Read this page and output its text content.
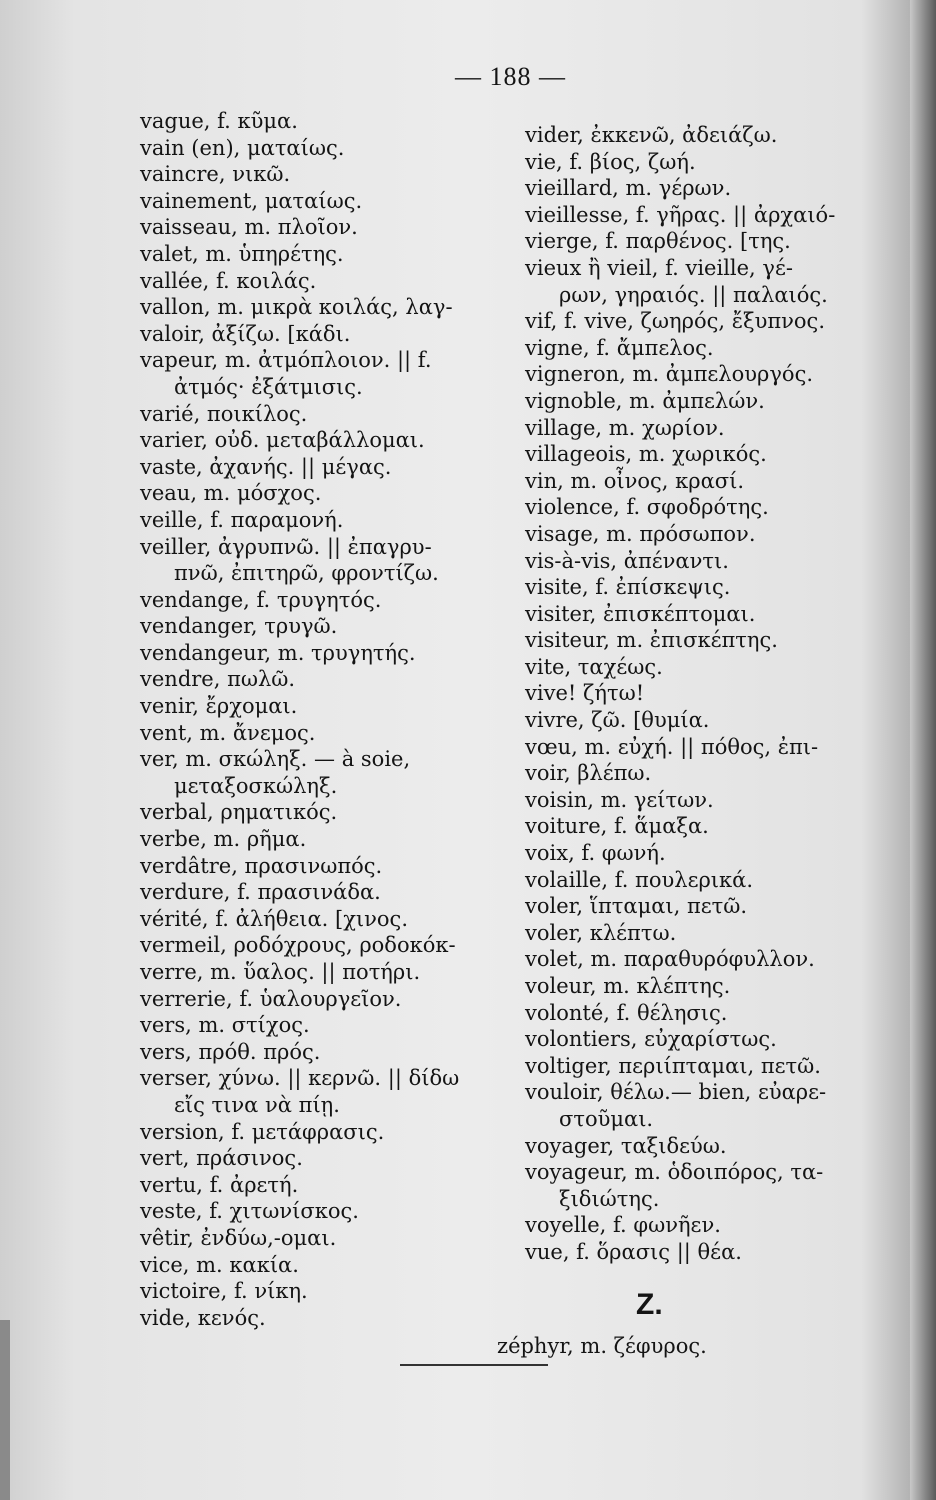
— 188 —
vague, f. κῦμα.
vain (en), ματαίως.
vaincre, νικῶ.
vainement, ματαίως.
vaisseau, m. πλοῖον.
valet, m. ὑπηρέτης.
vallée, f. κοιλάς.
vallon, m. μικρὰ κοιλάς, λαγ-
valoir, ἀξίζω. [κάδι.
vapeur, m. ἀτμόπλοιον. || f.
ἀτμός· ἐξάτμισις.
varié, ποικίλος.
varier, οὐδ. μεταβάλλομαι.
vaste, ἀχανής. || μέγας.
veau, m. μόσχος.
veille, f. παραμονή.
veiller, ἀγρυπνῶ. || ἐπαγρυ-
πνῶ, ἐπιτηρῶ, φροντίζω.
vendange, f. τρυγητός.
vendanger, τρυγῶ.
vendangeur, m. τρυγητής.
vendre, πωλῶ.
venir, ἔρχομαι.
vent, m. ἄνεμος.
ver, m. σκώληξ. — à soie,
μεταξοσκώληξ.
verbal, ρηματικός.
verbe, m. ρῆμα.
verdâtre, πρασινωπός.
verdure, f. πρασινάδα.
vérité, f. ἀλήθεια. [χινος.
vermeil, ροδόχρους, ροδοκόκ-
verre, m. ὕαλος. || ποτήρι.
verrerie, f. ὑαλουργεῖον.
vers, m. στίχος.
vers, πρόθ. πρός.
verser, χύνω. || κερνῶ. || δίδω
εἴς τινα νὰ πίῃ.
version, f. μετάφρασις.
vert, πράσινος.
vertu, f. ἀρετή.
veste, f. χιτωνίσκος.
vêtir, ἐνδύω,-ομαι.
vice, m. κακία.
victoire, f. νίκη.
vide, κενός.
vider, ἐκκενῶ, ἀδειάζω.
vie, f. βίος, ζωή.
vieillard, m. γέρων.
vieillesse, f. γῆρας. || ἀρχαιό-
vierge, f. παρθένος. [της.
vieux ἢ vieil, f. vieille, γέ-
ρων, γηραιός. || παλαιός.
vif, f. vive, ζωηρός, ἔξυπνος.
vigne, f. ἄμπελος.
vigneron, m. ἀμπελουργός.
vignoble, m. ἀμπελών.
village, m. χωρίον.
villageois, m. χωρικός.
vin, m. οἶνος, κρασί.
violence, f. σφοδρότης.
visage, m. πρόσωπον.
vis-à-vis, ἀπέναντι.
visite, f. ἐπίσκεψις.
visiter, ἐπισκέπτομαι.
visiteur, m. ἐπισκέπτης.
vite, ταχέως.
vive! ζήτω!
vivre, ζῶ. [θυμία.
vœu, m. εὐχή. || πόθος, ἐπι-
voir, βλέπω.
voisin, m. γείτων.
voiture, f. ἅμαξα.
voix, f. φωνή.
volaille, f. πουλερικά.
voler, ἵπταμαι, πετῶ.
voler, κλέπτω.
volet, m. παραθυρόφυλλον.
voleur, m. κλέπτης.
volonté, f. θέλησις.
volontiers, εὐχαρίστως.
voltiger, περιίπταμαι, πετῶ.
vouloir, θέλω.— bien, εὐαρε-
στοῦμαι.
voyager, ταξιδεύω.
voyageur, m. ὁδοιπόρος, τα-
ξιδιώτης.
voyelle, f. φωνῆεν.
vue, f. ὅρασις || θέα.
Z.
zéphyr, m. ζέφυρος.
